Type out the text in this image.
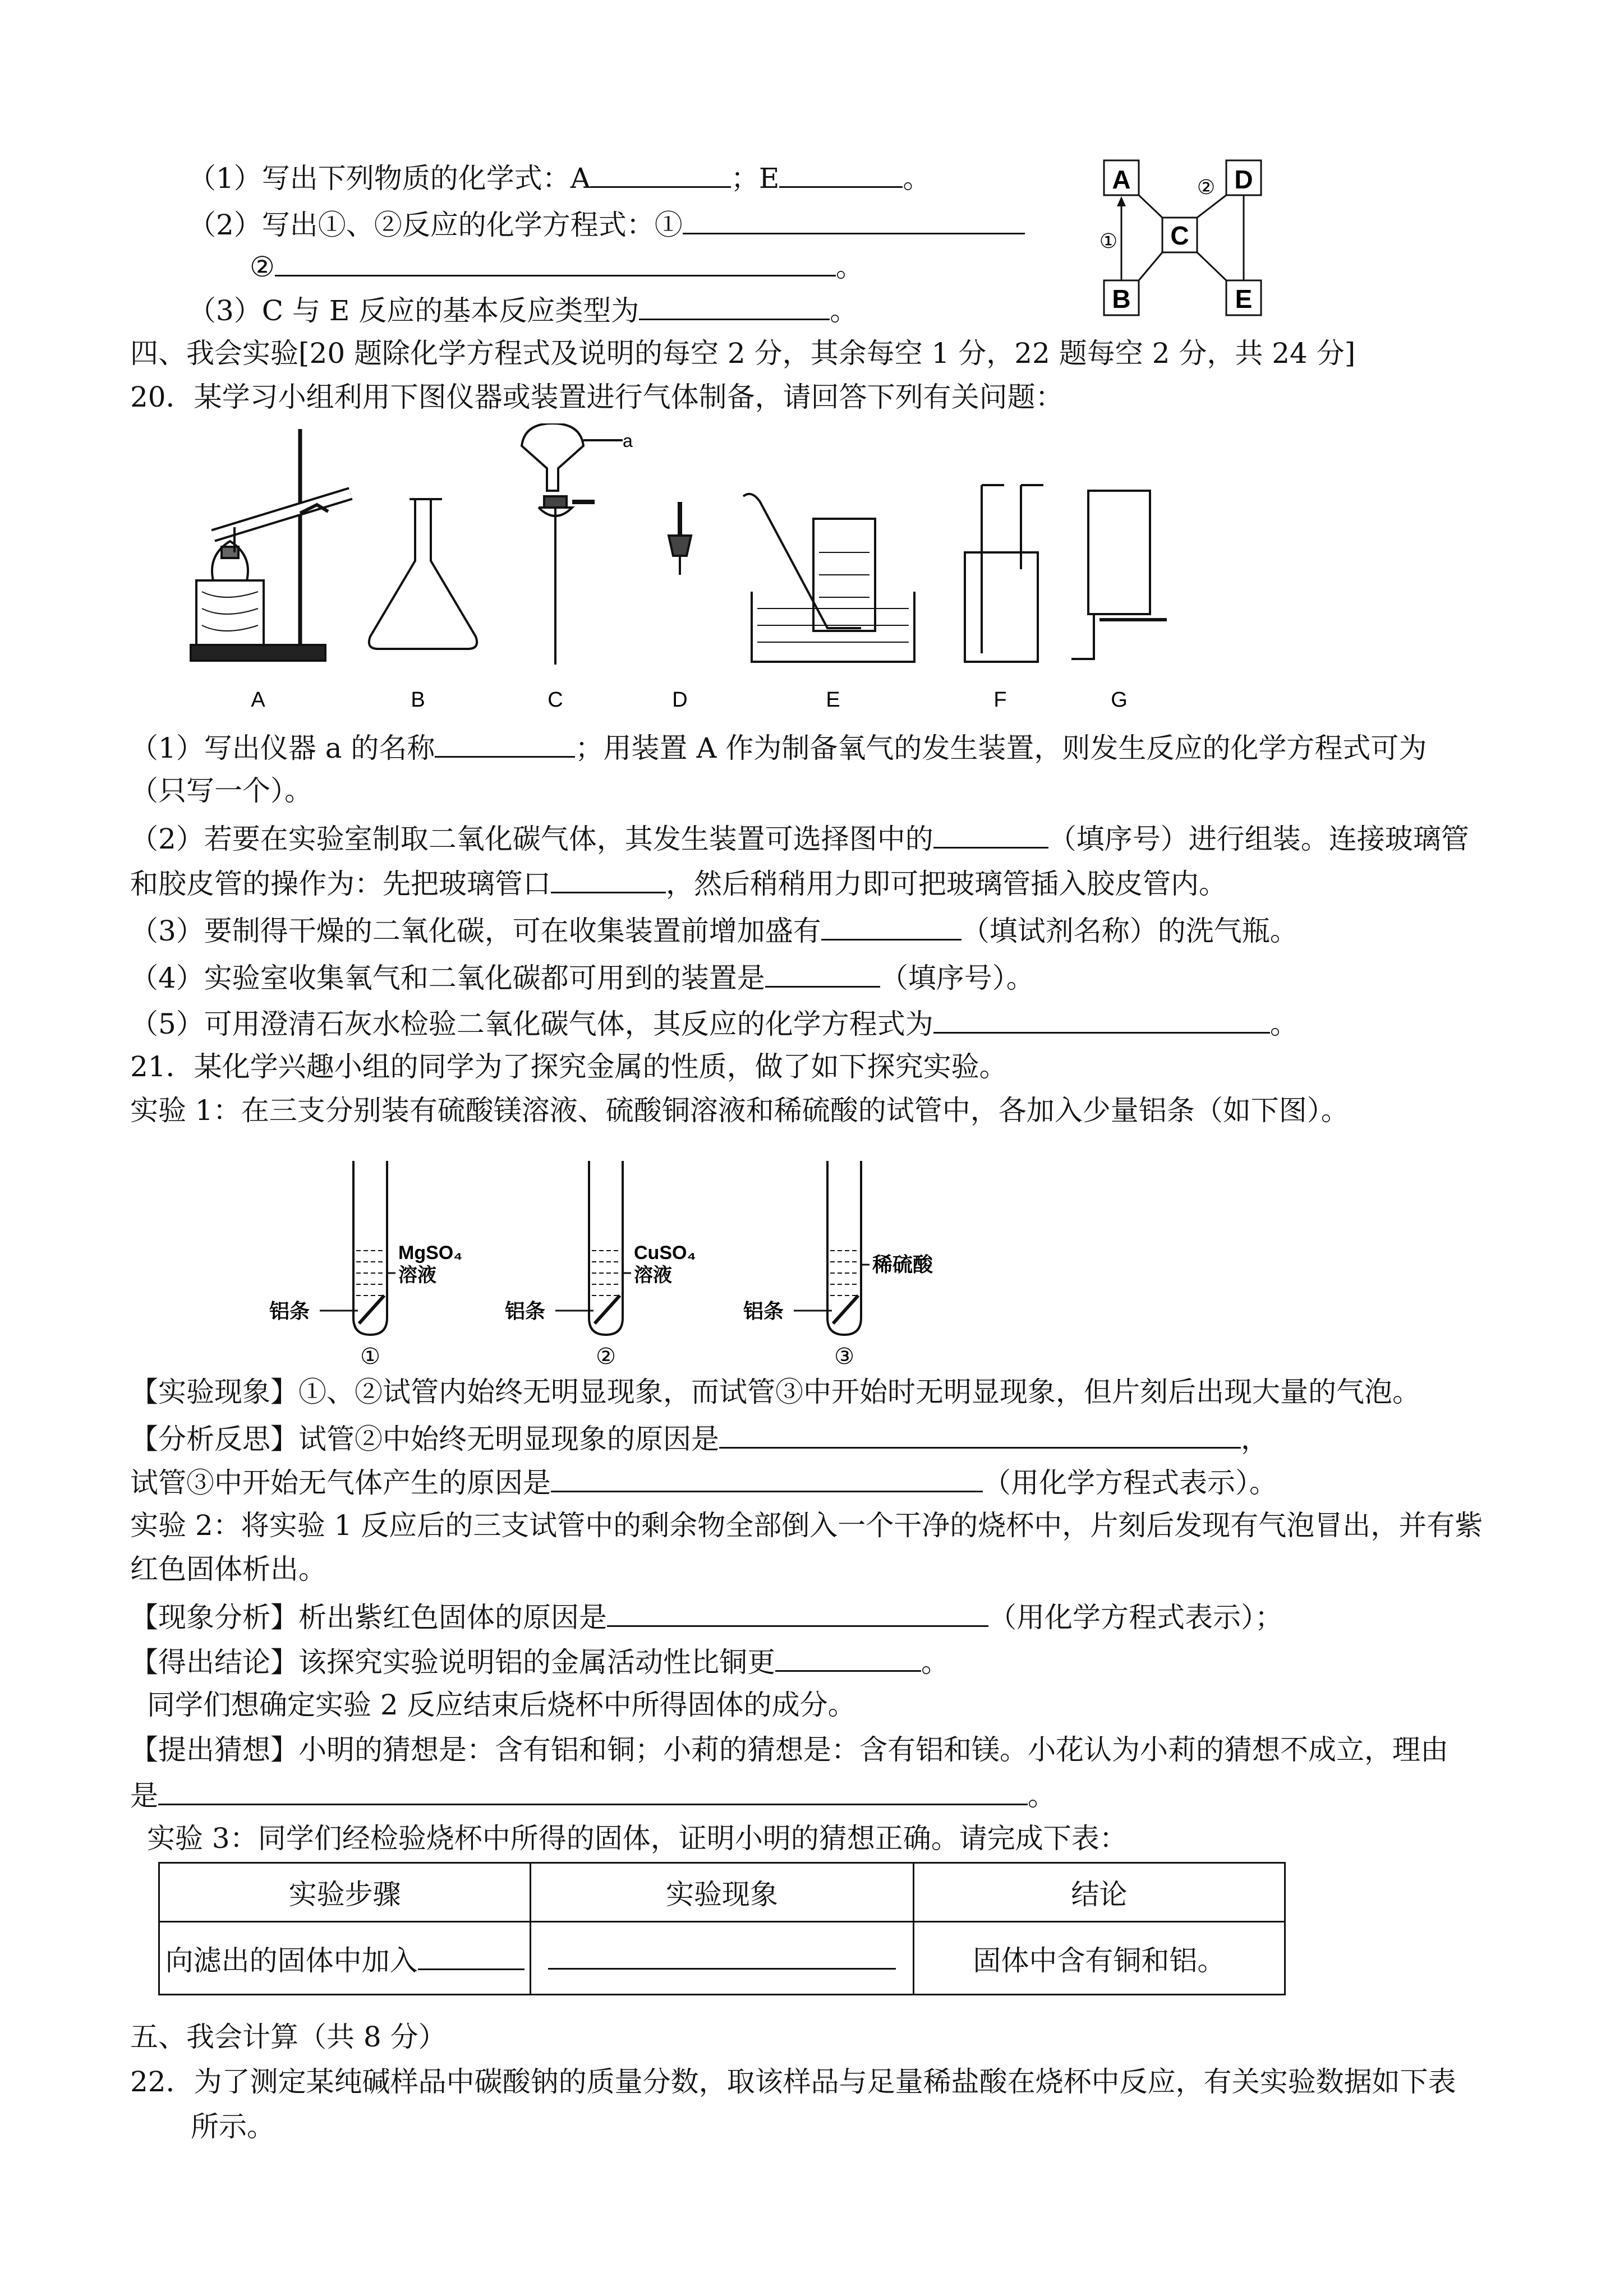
（1）写出下列物质的化学式：A	；E	。
（2）写出①、②反应的化学方程式：①
②	。
（3）C 与 E 反应的基本反应类型为	。
A	D
C
B	E
①
②
四、我会实验[20 题除化学方程式及说明的每空 2 分，其余每空 1 分，22 题每空 2 分，共 24 分]
20．某学习小组利用下图仪器或装置进行气体制备，请回答下列有关问题：
a
A	B	C	D	E	F	G
（1）写出仪器 a 的名称	；用装置 A 作为制备氧气的发生装置，则发生反应的化学方程式可为
（只写一个）。
（2）若要在实验室制取二氧化碳气体，其发生装置可选择图中的	（填序号）进行组装。连接玻璃管
和胶皮管的操作为：先把玻璃管口	，然后稍稍用力即可把玻璃管插入胶皮管内。
（3）要制得干燥的二氧化碳，可在收集装置前增加盛有	（填试剂名称）的洗气瓶。
（4）实验室收集氧气和二氧化碳都可用到的装置是	（填序号）。
（5）可用澄清石灰水检验二氧化碳气体，其反应的化学方程式为	。
21．某化学兴趣小组的同学为了探究金属的性质，做了如下探究实验。
实验 1：在三支分别装有硫酸镁溶液、硫酸铜溶液和稀硫酸的试管中，各加入少量铝条（如下图）。
MgSO₄
溶液
铝条
①
CuSO₄
溶液
铝条
②
稀硫酸
铝条
③
【实验现象】①、②试管内始终无明显现象，而试管③中开始时无明显现象，但片刻后出现大量的气泡。
【分析反思】试管②中始终无明显现象的原因是	，
试管③中开始无气体产生的原因是	（用化学方程式表示）。
实验 2：将实验 1 反应后的三支试管中的剩余物全部倒入一个干净的烧杯中，片刻后发现有气泡冒出，并有紫
红色固体析出。
【现象分析】析出紫红色固体的原因是	（用化学方程式表示）；
【得出结论】该探究实验说明铝的金属活动性比铜更	。
同学们想确定实验 2 反应结束后烧杯中所得固体的成分。
【提出猜想】小明的猜想是：含有铝和铜；小莉的猜想是：含有铝和镁。小花认为小莉的猜想不成立，理由
是	。
实验 3：同学们经检验烧杯中所得的固体，证明小明的猜想正确。请完成下表：
实验步骤	实验现象	结论
向滤出的固体中加入		固体中含有铜和铝。
五、我会计算（共 8 分）
22．为了测定某纯碱样品中碳酸钠的质量分数，取该样品与足量稀盐酸在烧杯中反应，有关实验数据如下表
所示。
